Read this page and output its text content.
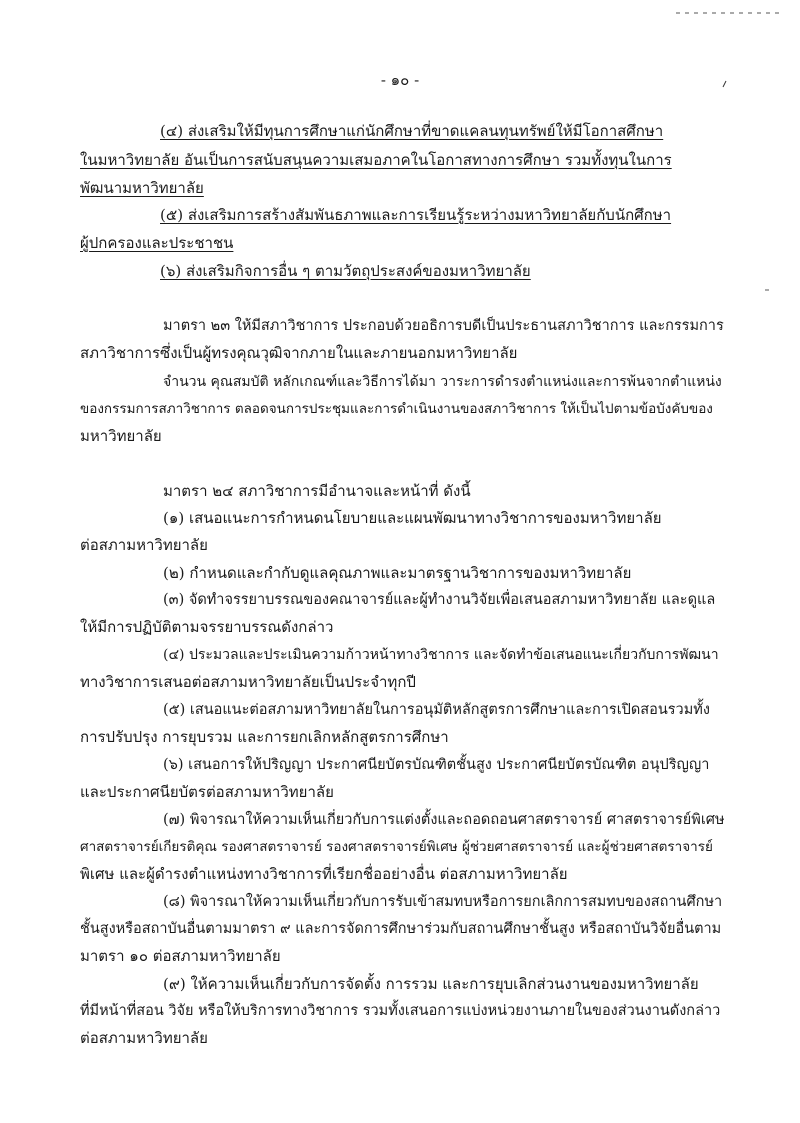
- ๑๐ -
(๔) ส่งเสริมให้มีทุนการศึกษาแก่นักศึกษาที่ขาดแคลนทุนทรัพย์ให้มีโอกาสศึกษา
ในมหาวิทยาลัย อันเป็นการสนับสนุนความเสมอภาคในโอกาสทางการศึกษา รวมทั้งทุนในการ
พัฒนามหาวิทยาลัย
(๕) ส่งเสริมการสร้างสัมพันธภาพและการเรียนรู้ระหว่างมหาวิทยาลัยกับนักศึกษา
ผู้ปกครองและประชาชน
(๖) ส่งเสริมกิจการอื่น ๆ ตามวัตถุประสงค์ของมหาวิทยาลัย
มาตรา ๒๓ ให้มีสภาวิชาการ ประกอบด้วยอธิการบดีเป็นประธานสภาวิชาการ และกรรมการ
สภาวิชาการซึ่งเป็นผู้ทรงคุณวุฒิจากภายในและภายนอกมหาวิทยาลัย
จำนวน คุณสมบัติ หลักเกณฑ์และวิธีการได้มา วาระการดำรงตำแหน่งและการพ้นจากตำแหน่ง
ของกรรมการสภาวิชาการ ตลอดจนการประชุมและการดำเนินงานของสภาวิชาการ ให้เป็นไปตามข้อบังคับของ
มหาวิทยาลัย
มาตรา ๒๔ สภาวิชาการมีอำนาจและหน้าที่ ดังนี้
(๑) เสนอแนะการกำหนดนโยบายและแผนพัฒนาทางวิชาการของมหาวิทยาลัย
ต่อสภามหาวิทยาลัย
(๒) กำหนดและกำกับดูแลคุณภาพและมาตรฐานวิชาการของมหาวิทยาลัย
(๓) จัดทำจรรยาบรรณของคณาจารย์และผู้ทำงานวิจัยเพื่อเสนอสภามหาวิทยาลัย และดูแล
ให้มีการปฏิบัติตามจรรยาบรรณดังกล่าว
(๔) ประมวลและประเมินความก้าวหน้าทางวิชาการ และจัดทำข้อเสนอแนะเกี่ยวกับการพัฒนา
ทางวิชาการเสนอต่อสภามหาวิทยาลัยเป็นประจำทุกปี
(๕) เสนอแนะต่อสภามหาวิทยาลัยในการอนุมัติหลักสูตรการศึกษาและการเปิดสอนรวมทั้ง
การปรับปรุง การยุบรวม และการยกเลิกหลักสูตรการศึกษา
(๖) เสนอการให้ปริญญา ประกาศนียบัตรบัณฑิตชั้นสูง ประกาศนียบัตรบัณฑิต อนุปริญญา
และประกาศนียบัตรต่อสภามหาวิทยาลัย
(๗) พิจารณาให้ความเห็นเกี่ยวกับการแต่งตั้งและถอดถอนศาสตราจารย์ ศาสตราจารย์พิเศษ
ศาสตราจารย์เกียรติคุณ รองศาสตราจารย์ รองศาสตราจารย์พิเศษ ผู้ช่วยศาสตราจารย์ และผู้ช่วยศาสตราจารย์
พิเศษ และผู้ดำรงตำแหน่งทางวิชาการที่เรียกชื่ออย่างอื่น ต่อสภามหาวิทยาลัย
(๘) พิจารณาให้ความเห็นเกี่ยวกับการรับเข้าสมทบหรือการยกเลิกการสมทบของสถานศึกษา
ชั้นสูงหรือสถาบันอื่นตามมาตรา ๙ และการจัดการศึกษาร่วมกับสถานศึกษาชั้นสูง หรือสถาบันวิจัยอื่นตาม
มาตรา ๑๐ ต่อสภามหาวิทยาลัย
(๙) ให้ความเห็นเกี่ยวกับการจัดตั้ง การรวม และการยุบเลิกส่วนงานของมหาวิทยาลัย
ที่มีหน้าที่สอน วิจัย หรือให้บริการทางวิชาการ รวมทั้งเสนอการแบ่งหน่วยงานภายในของส่วนงานดังกล่าว
ต่อสภามหาวิทยาลัย
